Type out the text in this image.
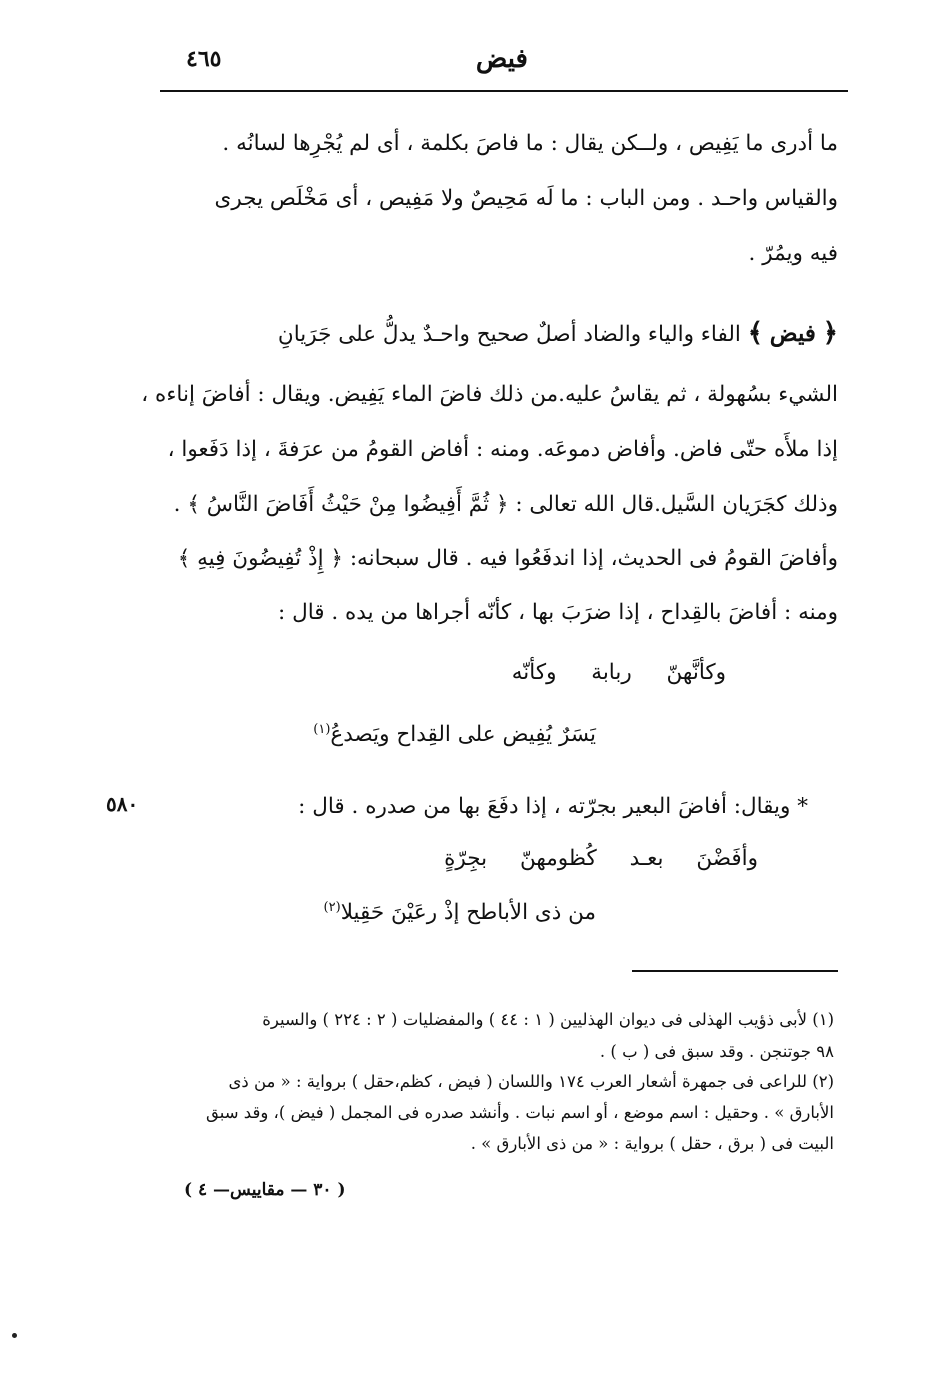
فيض
٤٦٥
ما أدرى ما يَفِيص ، ولــكن يقال : ما فاصَ بكلمة ، أى لم يُجْرِها لسانُه .
والقياس واحـد . ومن الباب : ما لَه مَحِيصٌ ولا مَفِيص ، أى مَخْلَص يجرى
فيه ويمُرّ .
﴿ فيض ﴾ الفاء والياء والضاد أصلٌ صحيح واحـدٌ يدلُّ على جَرَيانِ
الشيء بسُهولة ، ثم يقاسُ عليه.من ذلك فاضَ الماء يَفِيض. ويقال : أفاضَ إناءه ،
إذا ملأَه حتّى فاض. وأفاض دموعَه. ومنه : أفاض القومُ من عرَفةَ ، إذا دَفَعوا ،
وذلك كجَرَيان السَّيل.قال الله تعالى : ﴿ ثُمَّ أَفِيضُوا مِنْ حَيْثُ أَفَاضَ النَّاسُ ﴾ .
وأفاضَ القومُ فى الحديث، إذا اندفَعُوا فيه . قال سبحانه: ﴿ إِذْ تُفِيضُونَ فِيهِ ﴾
ومنه : أفاضَ بالقِداح ، إذا ضرَبَ بها ، كأنّه أجراها من يده . قال :
وكأنَّهنّ ربابة وكأنّه
يَسَرٌ يُفِيض على القِداح ويَصدعُ$^{(١)}$
٥٨٠	* ويقال: أفاضَ البعير بجرّته ، إذا دفَعَ بها من صدره . قال :
وأفَضْنَ بعـد كُظومهنّ بجِرّةٍ
من ذى الأباطح إذْ رعَيْنَ حَقِيلا$^{(٢)}$
(١) لأبى ذؤيب الهذلى فى ديوان الهذليين ( ١ : ٤٤ ) والمفضليات ( ٢ : ٢٢٤ ) والسيرة
٩٨ جوتنجن . وقد سبق فى ( ب ) .
(٢) للراعى فى جمهرة أشعار العرب ١٧٤ واللسان ( فيض ، كظم،حقل ) برواية : « من ذى
الأبارق » . وحقيل : اسم موضع ، أو اسم نبات . وأنشد صدره فى المجمل ( فيض )، وقد سبق
البيت فى ( برق ، حقل ) برواية : « من ذى الأبارق » .
( ٣٠ — مقاييس— ٤ )
